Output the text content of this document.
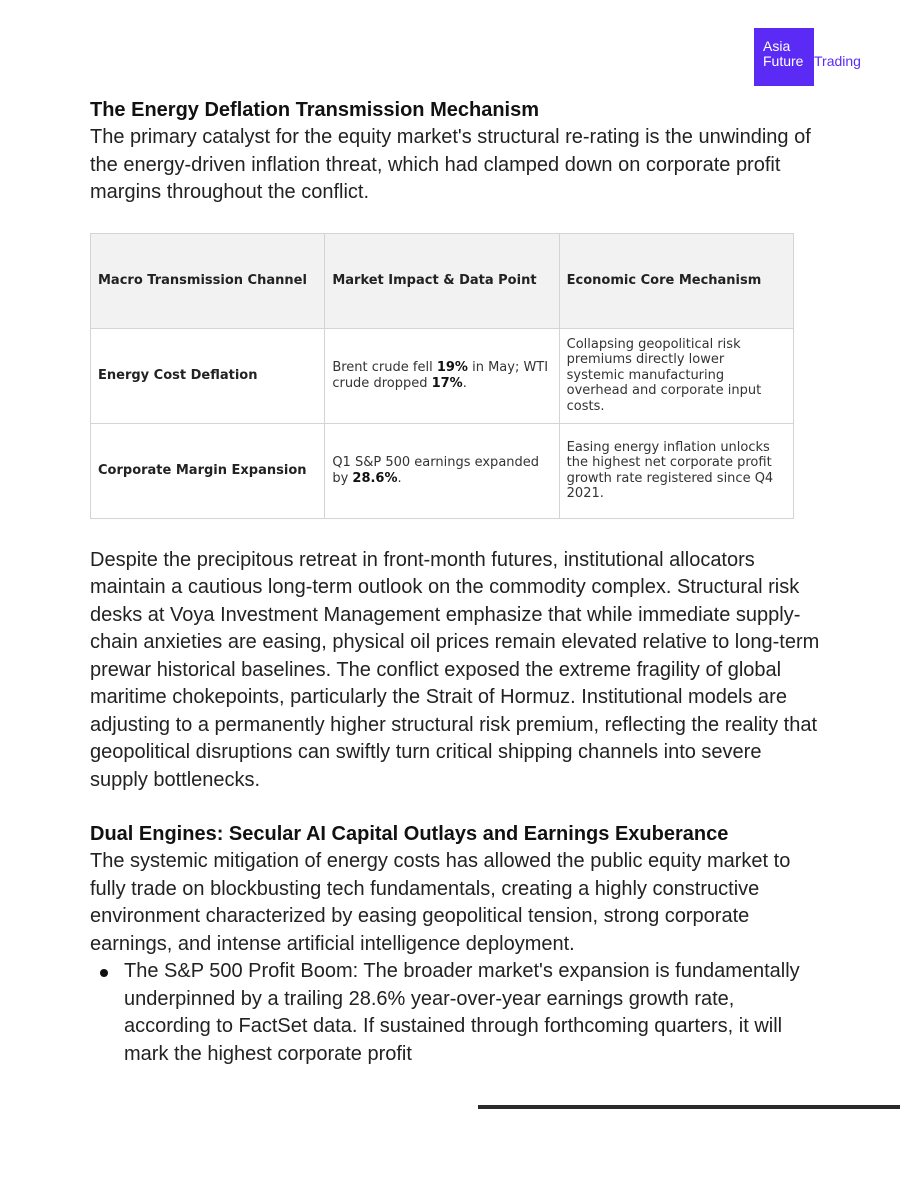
Asia
Future Trading
The Energy Deflation Transmission Mechanism

The primary catalyst for the equity market's structural re-rating is the unwinding of the energy-driven inflation threat, which had clamped down on corporate profit margins throughout the conflict.

Macro Transmission Channel	Market Impact & Data Point	Economic Core Mechanism
Energy Cost Deflation	Brent crude fell 19% in May; WTI crude dropped 17%.	Collapsing geopolitical risk premiums directly lower systemic manufacturing overhead and corporate input costs.
Corporate Margin Expansion	Q1 S&P 500 earnings expanded by 28.6%.	Easing energy inflation unlocks the highest net corporate profit growth rate registered since Q4 2021.

Despite the precipitous retreat in front-month futures, institutional allocators maintain a cautious long-term outlook on the commodity complex. Structural risk desks at Voya Investment Management emphasize that while immediate supply-chain anxieties are easing, physical oil prices remain elevated relative to long-term prewar historical baselines. The conflict exposed the extreme fragility of global maritime chokepoints, particularly the Strait of Hormuz. Institutional models are adjusting to a permanently higher structural risk premium, reflecting the reality that geopolitical disruptions can swiftly turn critical shipping channels into severe supply bottlenecks.

Dual Engines: Secular AI Capital Outlays and Earnings Exuberance

The systemic mitigation of energy costs has allowed the public equity market to fully trade on blockbusting tech fundamentals, creating a highly constructive environment characterized by easing geopolitical tension, strong corporate earnings, and intense artificial intelligence deployment.

The S&P 500 Profit Boom: The broader market's expansion is fundamentally underpinned by a trailing 28.6% year-over-year earnings growth rate, according to FactSet data. If sustained through forthcoming quarters, it will mark the highest corporate profit
